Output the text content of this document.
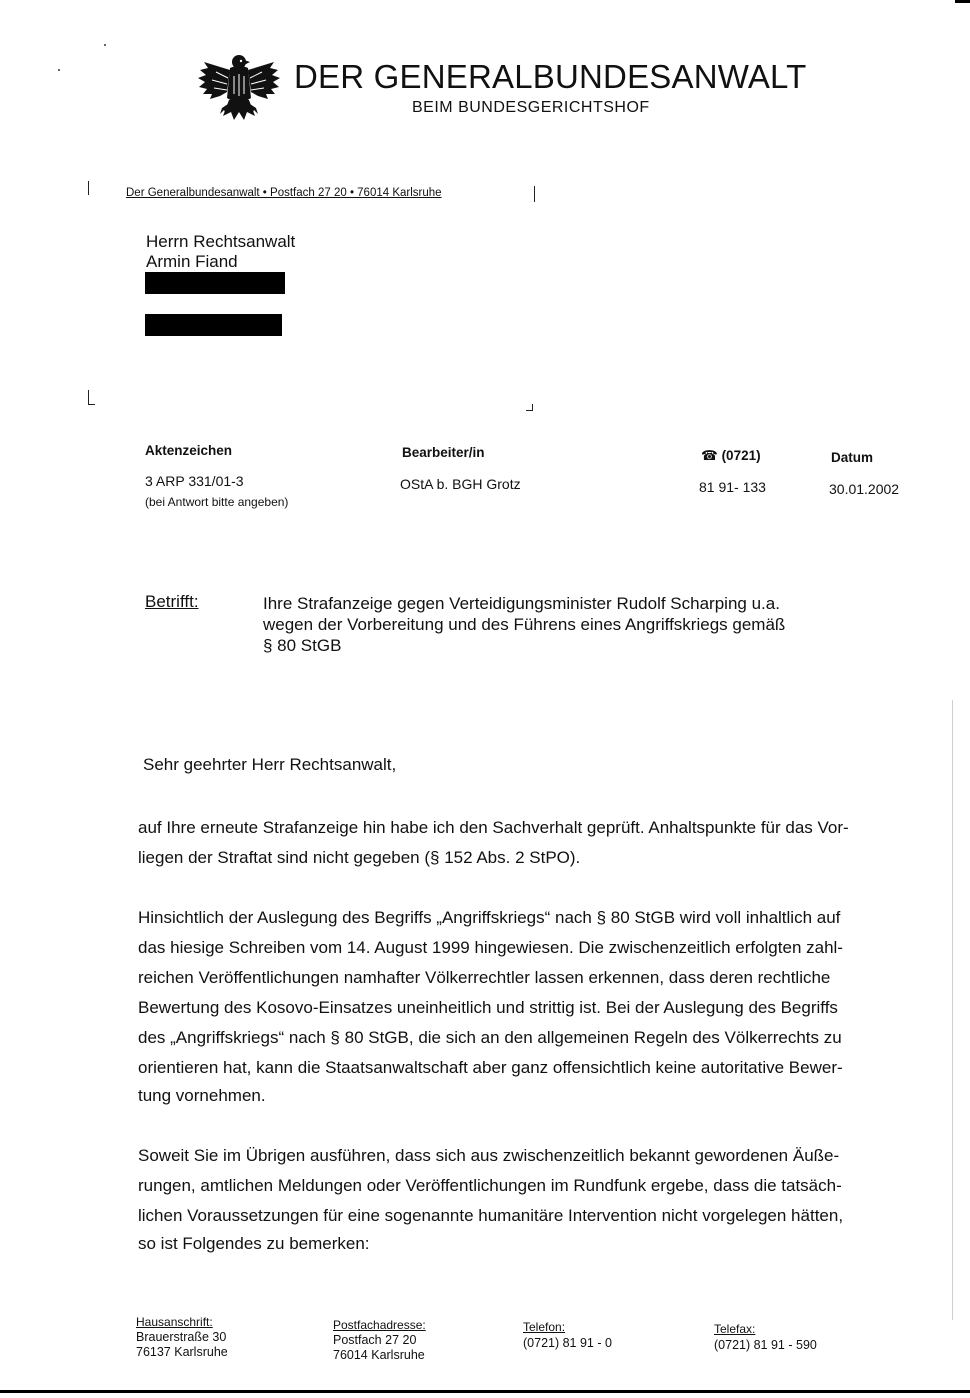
DER GENERALBUNDESANWALT
BEIM BUNDESGERICHTSHOF
Der Generalbundesanwalt • Postfach 27 20 • 76014 Karlsruhe
Herrn Rechtsanwalt
Armin Fiand
Aktenzeichen
3 ARP 331/01-3
(bei Antwort bitte angeben)
Bearbeiter/in
OStA b. BGH Grotz
☎ (0721)
81 91- 133
Datum
30.01.2002
Betrifft:	Ihre Strafanzeige gegen Verteidigungsminister Rudolf Scharping u.a.
wegen der Vorbereitung und des Führens eines Angriffskriegs gemäß
§ 80 StGB
Sehr geehrter Herr Rechtsanwalt,
auf Ihre erneute Strafanzeige hin habe ich den Sachverhalt geprüft. Anhaltspunkte für das Vor-
liegen der Straftat sind nicht gegeben (§ 152 Abs. 2 StPO).
Hinsichtlich der Auslegung des Begriffs „Angriffskriegs“ nach § 80 StGB wird voll inhaltlich auf
das hiesige Schreiben vom 14. August 1999 hingewiesen. Die zwischenzeitlich erfolgten zahl-
reichen Veröffentlichungen namhafter Völkerrechtler lassen erkennen, dass deren rechtliche
Bewertung des Kosovo-Einsatzes uneinheitlich und strittig ist. Bei der Auslegung des Begriffs
des „Angriffskriegs“ nach § 80 StGB, die sich an den allgemeinen Regeln des Völkerrechts zu
orientieren hat, kann die Staatsanwaltschaft aber ganz offensichtlich keine autoritative Bewer-
tung vornehmen.
Soweit Sie im Übrigen ausführen, dass sich aus zwischenzeitlich bekannt gewordenen Äuße-
rungen, amtlichen Meldungen oder Veröffentlichungen im Rundfunk ergebe, dass die tatsäch-
lichen Voraussetzungen für eine sogenannte humanitäre Intervention nicht vorgelegen hätten,
so ist Folgendes zu bemerken:
Hausanschrift:
Brauerstraße 30
76137 Karlsruhe
Postfachadresse:
Postfach 27 20
76014 Karlsruhe
Telefon:
(0721) 81 91 - 0
Telefax:
(0721) 81 91 - 590
